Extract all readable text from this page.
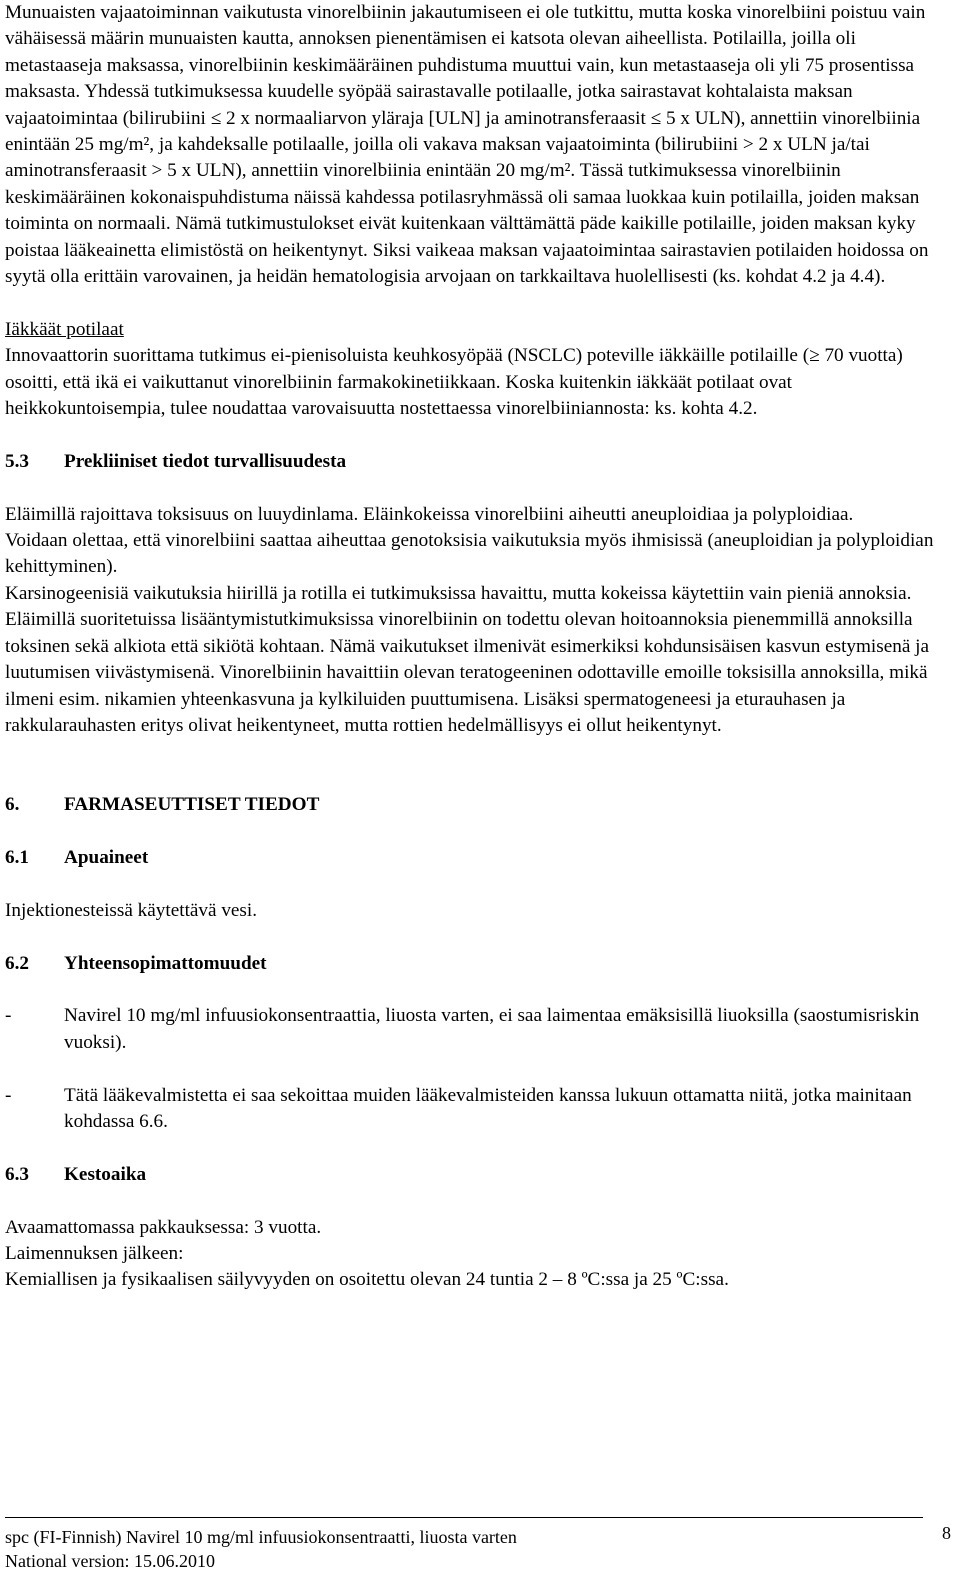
Munuaisten vajaatoiminnan vaikutusta vinorelbiinin jakautumiseen ei ole tutkittu, mutta koska vinorelbiini poistuu vain vähäisessä määrin munuaisten kautta, annoksen pienentämisen ei katsota olevan aiheellista. Potilailla, joilla oli metastaaseja maksassa, vinorelbiinin keskimääräinen puhdistuma muuttui vain, kun metastaaseja oli yli 75 prosentissa maksasta. Yhdessä tutkimuksessa kuudelle syöpää sairastavalle potilaalle, jotka sairastavat kohtalaista maksan vajaatoimintaa (bilirubiini ≤ 2 x normaaliarvon yläraja [ULN] ja aminotransferaasit ≤ 5 x ULN), annettiin vinorelbiinia enintään 25 mg/m², ja kahdeksalle potilaalle, joilla oli vakava maksan vajaatoiminta (bilirubiini > 2 x ULN ja/tai aminotransferaasit > 5 x ULN), annettiin vinorelbiinia enintään 20 mg/m². Tässä tutkimuksessa vinorelbiinin keskimääräinen kokonaispuhdistuma näissä kahdessa potilasryhmässä oli samaa luokkaa kuin potilailla, joiden maksan toiminta on normaali. Nämä tutkimustulokset eivät kuitenkaan välttämättä päde kaikille potilaille, joiden maksan kyky poistaa lääkeainetta elimistöstä on heikentynyt. Siksi vaikeaa maksan vajaatoimintaa sairastavien potilaiden hoidossa on syytä olla erittäin varovainen, ja heidän hematologisia arvojaan on tarkkailtava huolellisesti (ks. kohdat 4.2 ja 4.4).

Iäkkäät potilaat

Innovaattorin suorittama tutkimus ei-pienisoluista keuhkosyöpää (NSCLC) poteville iäkkäille potilaille (≥ 70 vuotta) osoitti, että ikä ei vaikuttanut vinorelbiinin farmakokinetiikkaan. Koska kuitenkin iäkkäät potilaat ovat heikkokuntoisempia, tulee noudattaa varovaisuutta nostettaessa vinorelbiiniannosta: ks. kohta 4.2.

5.3	Prekliiniset tiedot turvallisuudesta

Eläimillä rajoittava toksisuus on luuydinlama. Eläinkokeissa vinorelbiini aiheutti aneuploidiaa ja polyploidiaa.

Voidaan olettaa, että vinorelbiini saattaa aiheuttaa genotoksisia vaikutuksia myös ihmisissä (aneuploidian ja polyploidian kehittyminen).

Karsinogeenisiä vaikutuksia hiirillä ja rotilla ei tutkimuksissa havaittu, mutta kokeissa käytettiin vain pieniä annoksia.

Eläimillä suoritetuissa lisääntymistutkimuksissa vinorelbiinin on todettu olevan hoitoannoksia pienemmillä annoksilla toksinen sekä alkiota että sikiötä kohtaan. Nämä vaikutukset ilmenivät esimerkiksi kohdunsisäisen kasvun estymisenä ja luutumisen viivästymisenä. Vinorelbiinin havaittiin olevan teratogeeninen odottaville emoille toksisilla annoksilla, mikä ilmeni esim. nikamien yhteenkasvuna ja kylkiluiden puuttumisena. Lisäksi spermatogeneesi ja eturauhasen ja rakkularauhasten eritys olivat heikentyneet, mutta rottien hedelmällisyys ei ollut heikentynyt.

6.	FARMASEUTTISET TIEDOT
6.1	Apuaineet

Injektionesteissä käytettävä vesi.

6.2	Yhteensopimattomuudet
-	Navirel 10 mg/ml infuusiokonsentraattia, liuosta varten, ei saa laimentaa emäksisillä liuoksilla (saostumisriskin vuoksi).
-	Tätä lääkevalmistetta ei saa sekoittaa muiden lääkevalmisteiden kanssa lukuun ottamatta niitä, jotka mainitaan kohdassa 6.6.
6.3	Kestoaika

Avaamattomassa pakkauksessa: 3 vuotta.

Laimennuksen jälkeen:

Kemiallisen ja fysikaalisen säilyvyyden on osoitettu olevan 24 tuntia 2 – 8 ºC:ssa ja 25 ºC:ssa.

spc (FI-Finnish) Navirel 10 mg/ml infuusiokonsentraatti, liuosta varten
National version: 15.06.2010
8
